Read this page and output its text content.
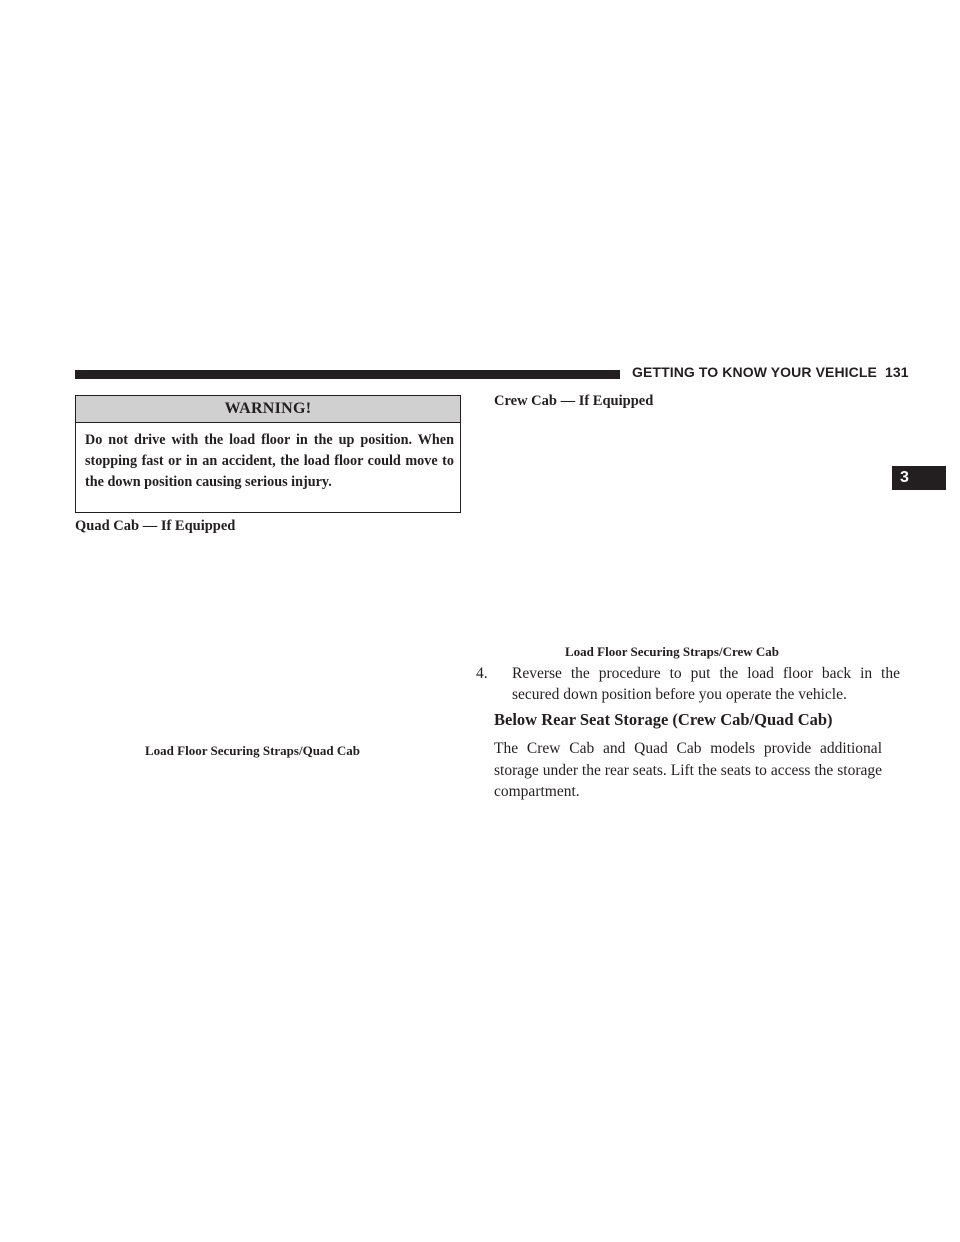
GETTING TO KNOW YOUR VEHICLE 131
3
WARNING!
Do not drive with the load floor in the up position. When stopping fast or in an accident, the load floor could move to the down position causing serious injury.
Quad Cab — If Equipped
Load Floor Securing Straps/Quad Cab
Crew Cab — If Equipped
Load Floor Securing Straps/Crew Cab
4. Reverse the procedure to put the load floor back in the secured down position before you operate the vehicle.
Below Rear Seat Storage (Crew Cab/Quad Cab)
The Crew Cab and Quad Cab models provide additional storage under the rear seats. Lift the seats to access the storage compartment.
